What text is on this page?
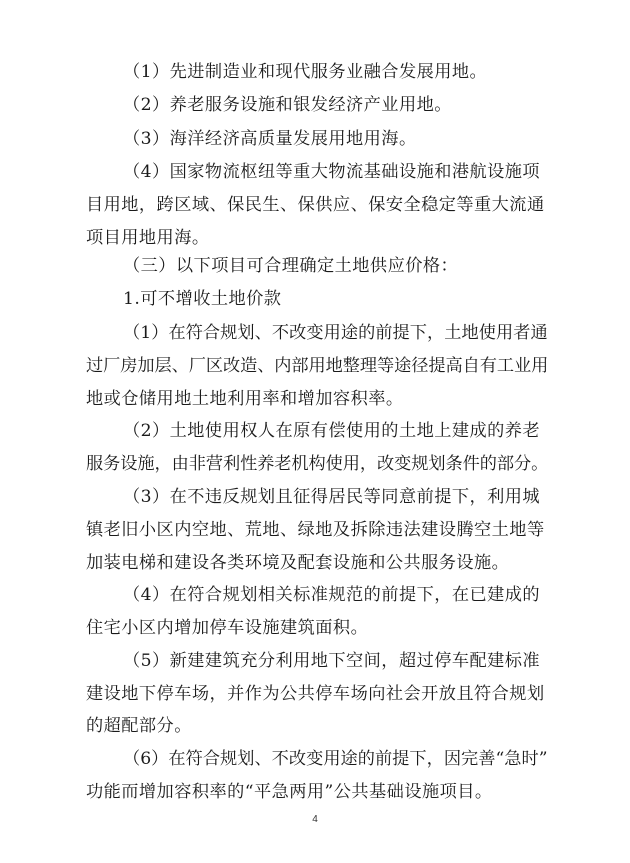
（1）先进制造业和现代服务业融合发展用地。
（2）养老服务设施和银发经济产业用地。
（3）海洋经济高质量发展用地用海。
（4）国家物流枢纽等重大物流基础设施和港航设施项
目用地，跨区域、保民生、保供应、保安全稳定等重大流通
项目用地用海。
（三）以下项目可合理确定土地供应价格：
1.可不增收土地价款
（1）在符合规划、不改变用途的前提下，土地使用者通
过厂房加层、厂区改造、内部用地整理等途径提高自有工业用
地或仓储用地土地利用率和增加容积率。
（2）土地使用权人在原有偿使用的土地上建成的养老
服务设施，由非营利性养老机构使用，改变规划条件的部分。
（3）在不违反规划且征得居民等同意前提下，利用城
镇老旧小区内空地、荒地、绿地及拆除违法建设腾空土地等
加装电梯和建设各类环境及配套设施和公共服务设施。
（4）在符合规划相关标准规范的前提下，在已建成的
住宅小区内增加停车设施建筑面积。
（5）新建建筑充分利用地下空间，超过停车配建标准
建设地下停车场，并作为公共停车场向社会开放且符合规划
的超配部分。
（6）在符合规划、不改变用途的前提下，因完善“急时”
功能而增加容积率的“平急两用”公共基础设施项目。
4
